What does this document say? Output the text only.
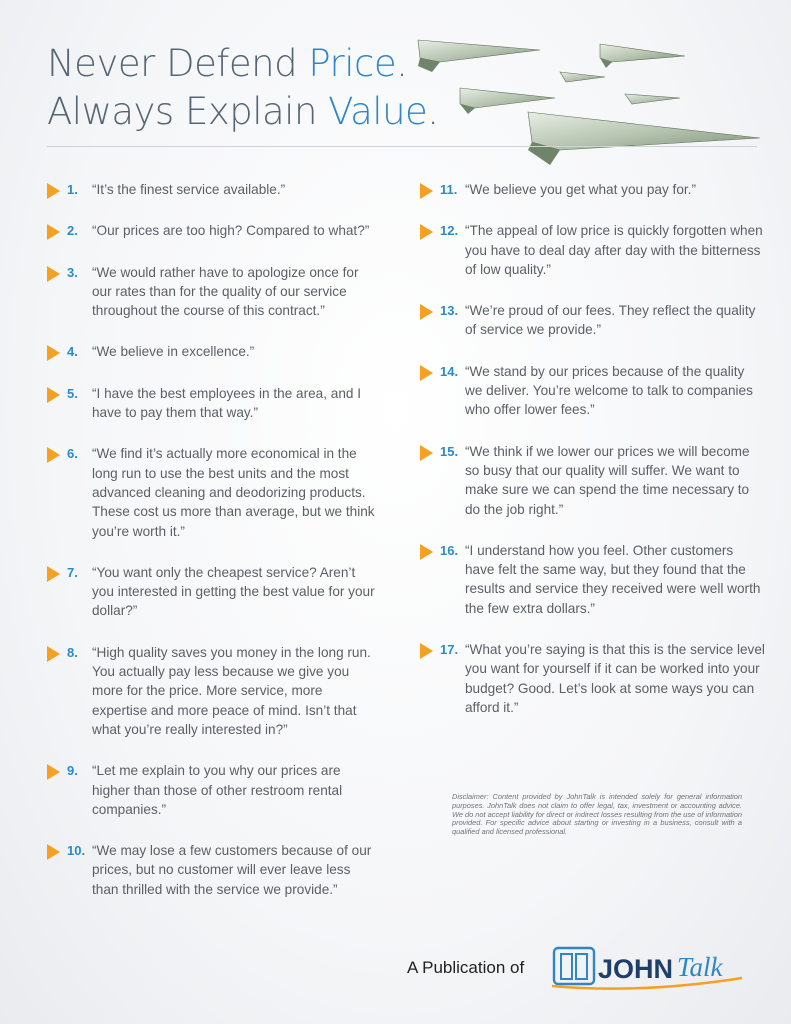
Never Defend Price.
Always Explain Value.
1. “It’s the finest service available.”
2. “Our prices are too high? Compared to what?”
3. “We would rather have to apologize once for our rates than for the quality of our service throughout the course of this contract.”
4. “We believe in excellence.”
5. “I have the best employees in the area, and I have to pay them that way.”
6. “We find it’s actually more economical in the long run to use the best units and the most advanced cleaning and deodorizing products. These cost us more than average, but we think you’re worth it.”
7. “You want only the cheapest service? Aren’t you interested in getting the best value for your dollar?”
8. “High quality saves you money in the long run. You actually pay less because we give you more for the price. More service, more expertise and more peace of mind. Isn’t that what you’re really interested in?”
9. “Let me explain to you why our prices are higher than those of other restroom rental companies.”
10. “We may lose a few customers because of our prices, but no customer will ever leave less than thrilled with the service we provide.”
11. “We believe you get what you pay for.”
12. “The appeal of low price is quickly forgotten when you have to deal day after day with the bitterness of low quality.”
13. “We’re proud of our fees. They reflect the quality of service we provide.”
14. “We stand by our prices because of the quality we deliver. You’re welcome to talk to companies who offer lower fees.”
15. “We think if we lower our prices we will become so busy that our quality will suffer. We want to make sure we can spend the time necessary to do the job right.”
16. “I understand how you feel. Other customers have felt the same way, but they found that the results and service they received were well worth the few extra dollars.”
17. “What you’re saying is that this is the service level you want for yourself if it can be worked into your budget? Good. Let’s look at some ways you can afford it.”
Disclaimer: Content provided by JohnTalk is intended solely for general information purposes. JohnTalk does not claim to offer legal, tax, investment or accounting advice. We do not accept liability for direct or indirect losses resulting from the use of information provided. For specific advice about starting or investing in a business, consult with a qualified and licensed professional.
A Publication of	JOHN Talk
